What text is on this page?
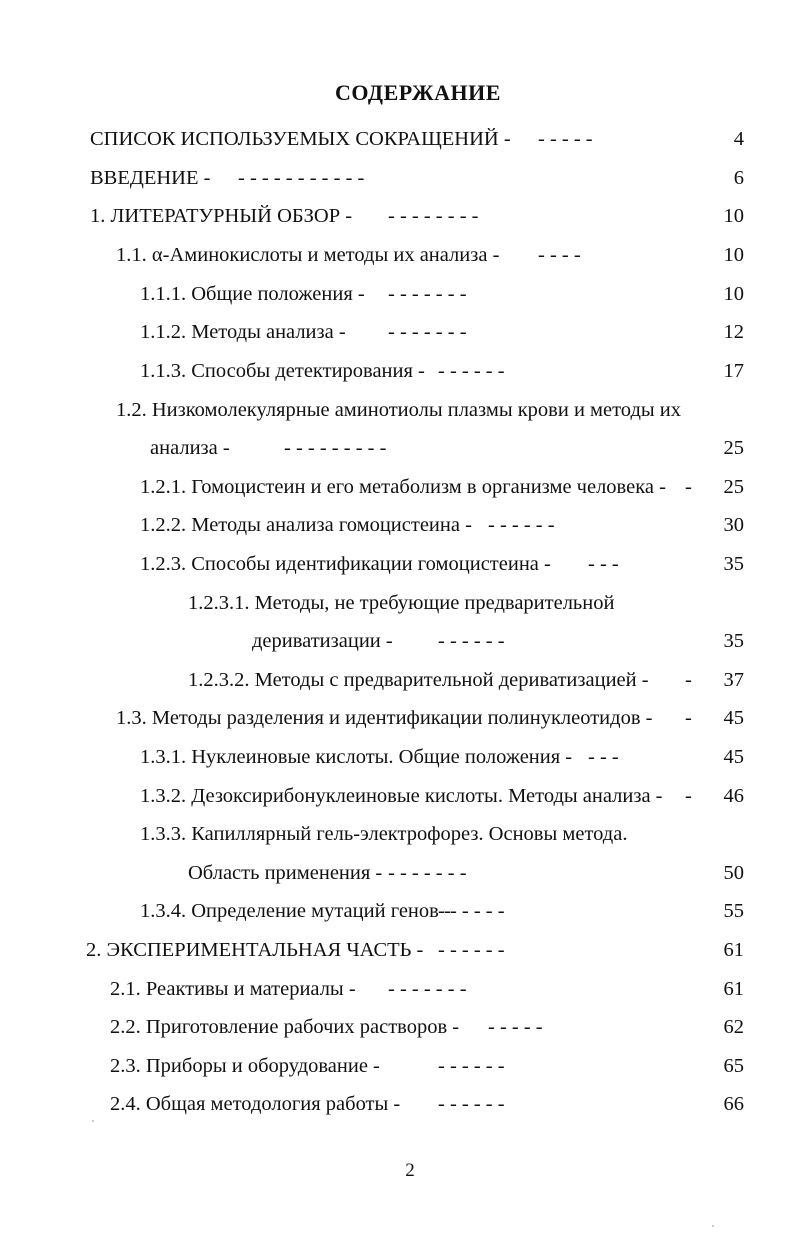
СОДЕРЖАНИЕ
СПИСОК ИСПОЛЬЗУЕМЫХ СОКРАЩЕНИЙ - - - - - -	4
ВВЕДЕНИЕ - - - - - - - - - - - -	6
1. ЛИТЕРАТУРНЫЙ ОБЗОР - - - - - - - - -	10
1.1. α-Аминокислоты и методы их анализа - - - - -	10
1.1.1. Общие положения - - - - - - - -	10
1.1.2. Методы анализа - - - - - - - -	12
1.1.3. Способы детектирования - - - - - - -	17
1.2. Низкомолекулярные аминотиолы плазмы крови и методы их
анализа -	- - - - - - - - -	25
1.2.1. Гомоцистеин и его метаболизм в организме человека - - 25
1.2.2. Методы анализа гомоцистеина - - - - - - -	30
1.2.3. Способы идентификации гомоцистеина - - - -	35
1.2.3.1. Методы, не требующие предварительной
дериватизации - - - - - - -	35
1.2.3.2. Методы с предварительной дериватизацией - - 37
1.3. Методы разделения и идентификации полинуклеотидов - - 45
1.3.1. Нуклеиновые кислоты. Общие положения - - - -	45
1.3.2. Дезоксирибонуклеиновые кислоты. Методы анализа - - 46
1.3.3. Капиллярный гель-электрофорез. Основы метода.
Область применения - - - - - - - -	50
1.3.4. Определение мутаций генов -
- - - - - -	55
2. ЭКСПЕРИМЕНТАЛЬНАЯ ЧАСТЬ - - - - - - -	61
2.1. Реактивы и материалы - - - - - - - -	61
2.2. Приготовление рабочих растворов - - - - - -	62
2.3. Приборы и оборудование -	- - - - - -	65
2.4. Общая методология работы - - - - - - -	66
2
